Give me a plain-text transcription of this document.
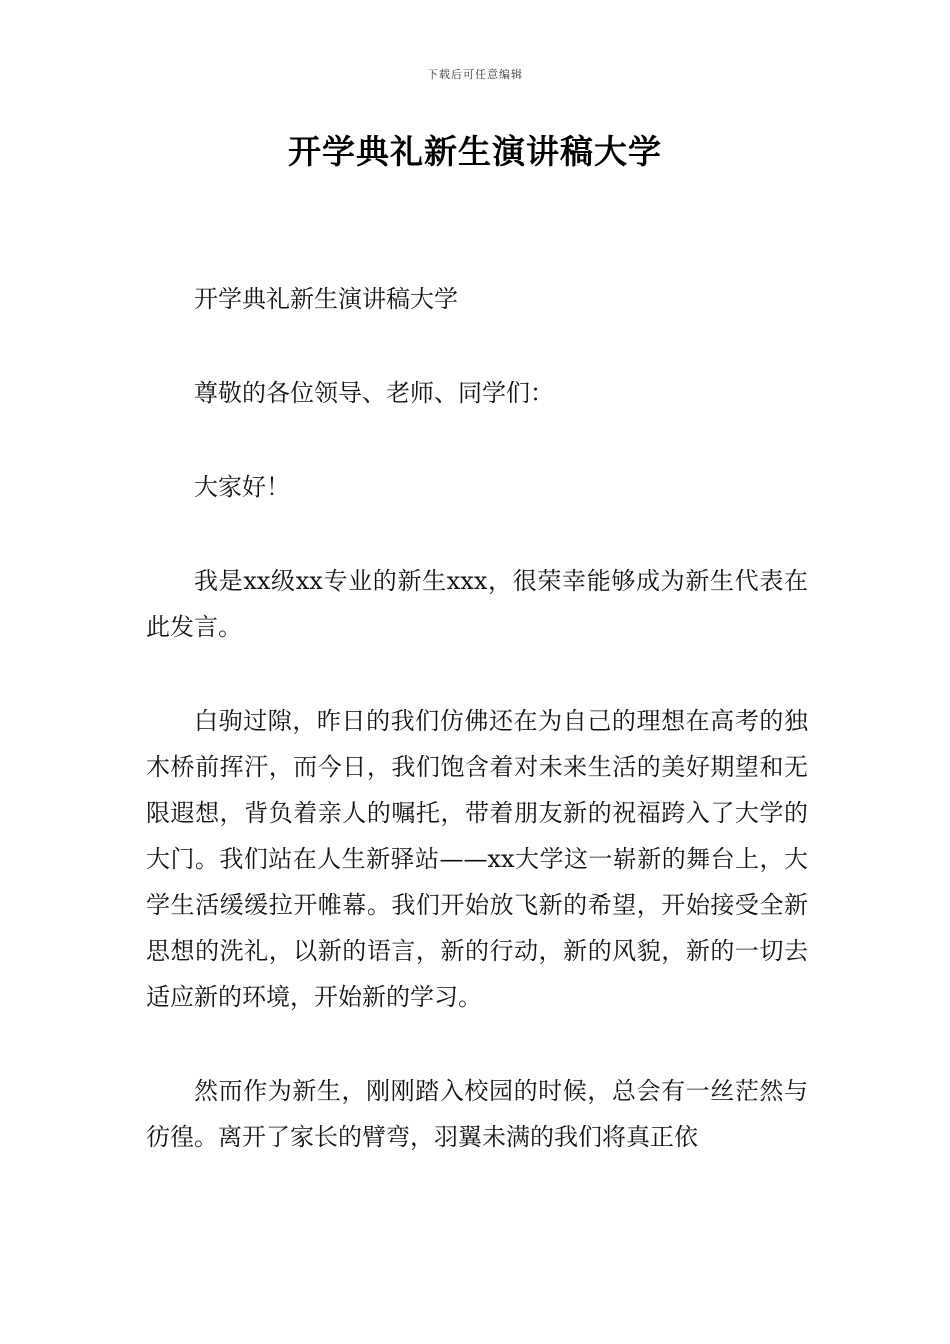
下载后可任意编辑
开学典礼新生演讲稿大学

开学典礼新生演讲稿大学

尊敬的各位领导、老师、同学们：

大家好！

我是xx级xx专业的新生xxx，很荣幸能够成为新生代表在此发言。

白驹过隙，昨日的我们仿佛还在为自己的理想在高考的独木桥前挥汗，而今日，我们饱含着对未来生活的美好期望和无限遐想，背负着亲人的嘱托，带着朋友新的祝福跨入了大学的大门。我们站在人生新驿站——xx大学这一崭新的舞台上，大学生活缓缓拉开帷幕。我们开始放飞新的希望，开始接受全新思想的洗礼，以新的语言，新的行动，新的风貌，新的一切去适应新的环境，开始新的学习。

然而作为新生，刚刚踏入校园的时候，总会有一丝茫然与彷徨。离开了家长的臂弯，羽翼未满的我们将真正依
